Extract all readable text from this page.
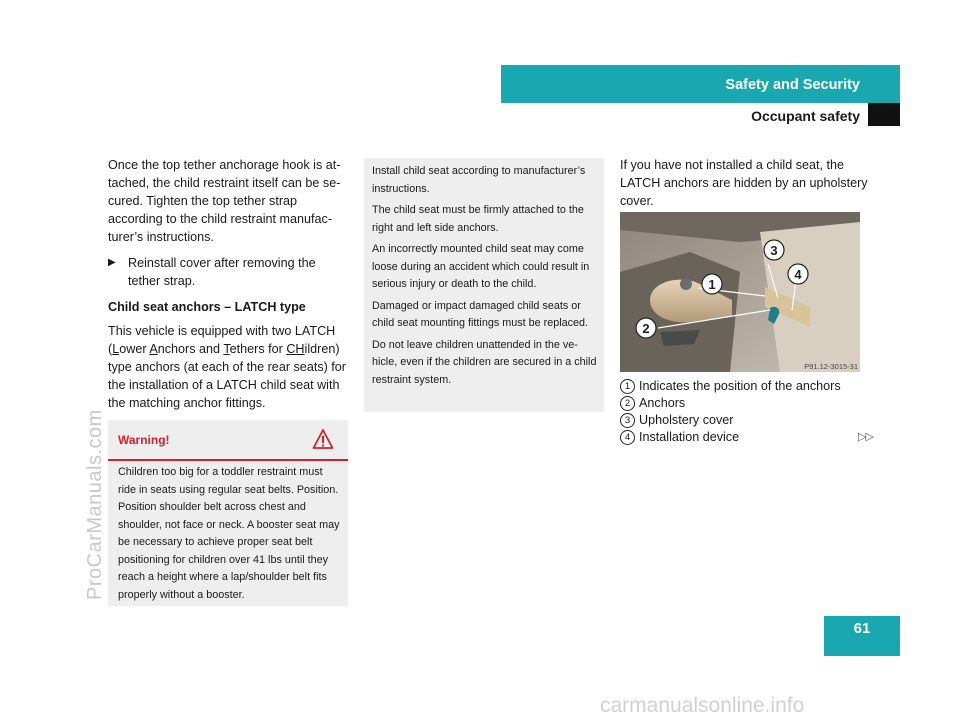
ProCarManuals.com
carmanualsonline.info
Safety and Security
Occupant safety

Once the top tether anchorage hook is attached, the child restraint itself can be secured. Tighten the top tether strap according to the child restraint manufacturer’s instructions.

▶ Reinstall cover after removing the tether strap.
Child seat anchors – LATCH type

This vehicle is equipped with two LATCH (Lower Anchors and Tethers for CHildren) type anchors (at each of the rear seats) for the installation of a LATCH child seat with the matching anchor fittings.

Warning!
Children too big for a toddler restraint must ride in seats using regular seat belts. Position. Position shoulder belt across chest and shoulder, not face or neck. A booster seat may be necessary to achieve proper seat belt positioning for children over 41 lbs until they reach a height where a lap/shoulder belt fits properly without a booster.

Install child seat according to manufacturer’s instructions.

The child seat must be firmly attached to the right and left side anchors.

An incorrectly mounted child seat may come loose during an accident which could result in serious injury or death to the child.

Damaged or impact damaged child seats or child seat mounting fittings must be replaced.

Do not leave children unattended in the vehicle, even if the children are secured in a child restraint system.

If you have not installed a child seat, the LATCH anchors are hidden by an upholstery cover.

1
2
3
4
P91.12-3015-31
1 Indicates the position of the anchors
2 Anchors
3 Upholstery cover
4 Installation device	▷▷
61
